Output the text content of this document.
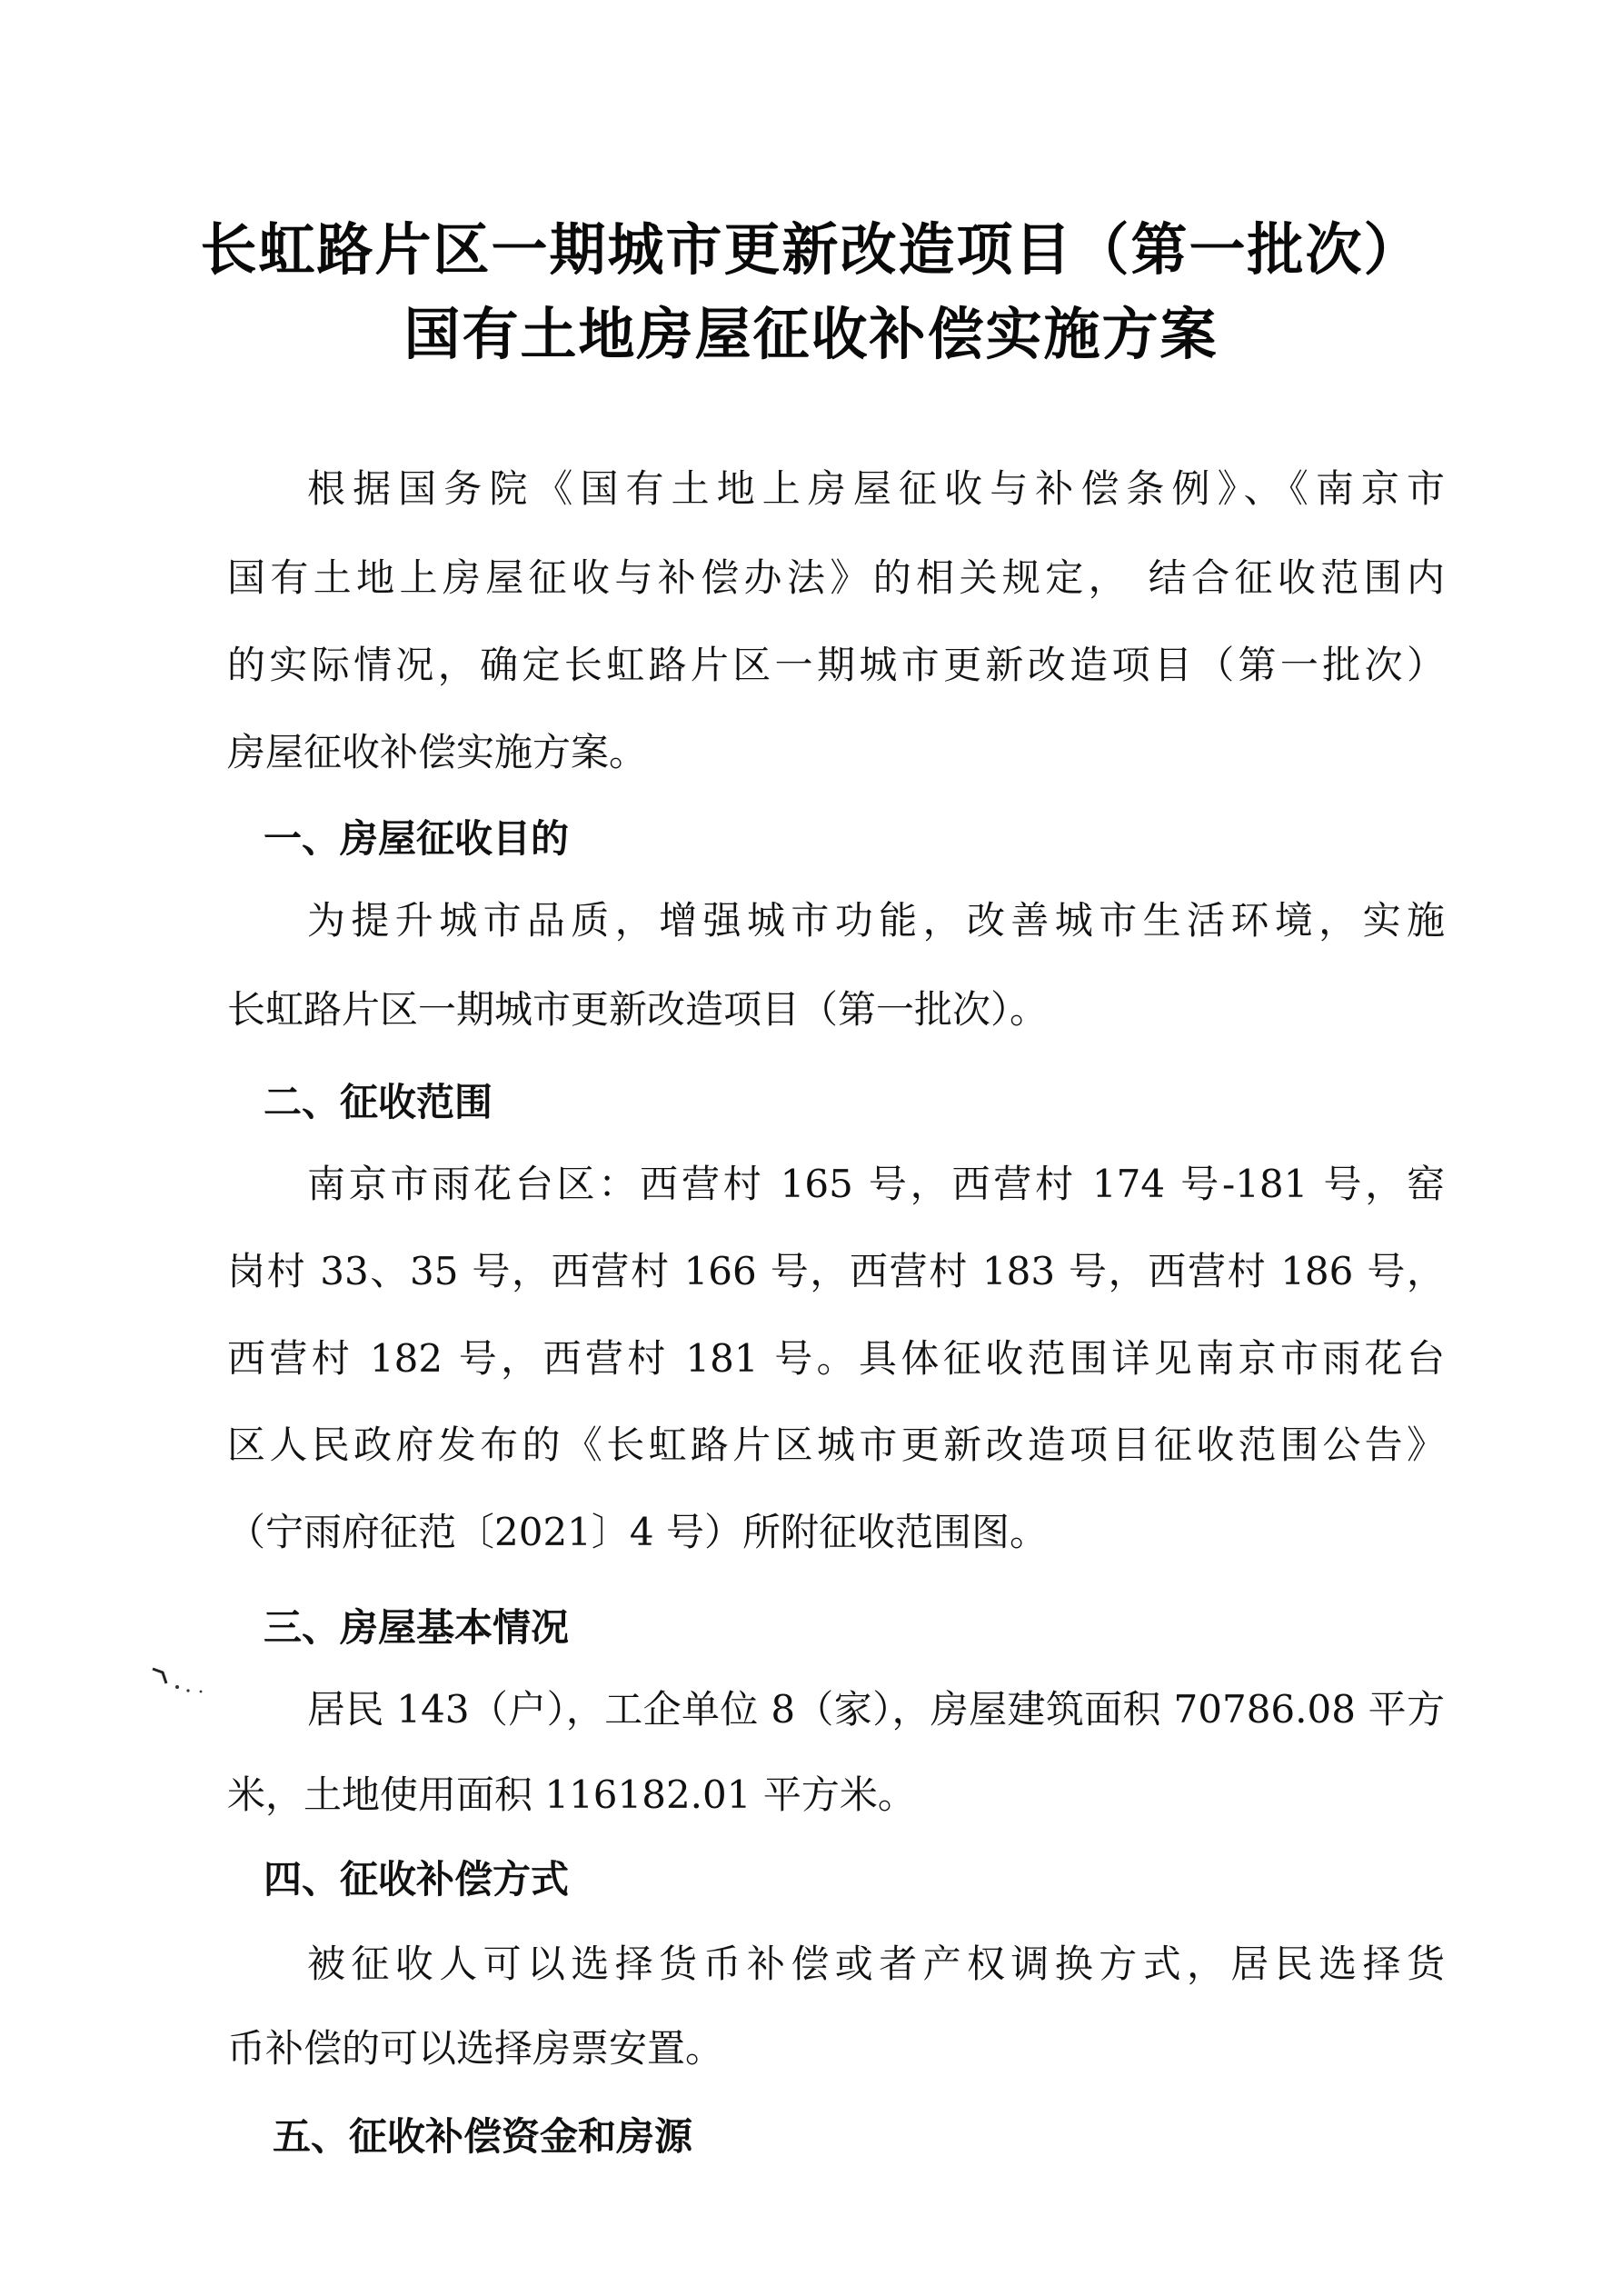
长虹路片区一期城市更新改造项目（第一批次）
国有土地房屋征收补偿实施方案
根据国务院《国有土地上房屋征收与补偿条例》、《南京市
国有土地上房屋征收与补偿办法》的相关规定， 结合征收范围内
的实际情况，确定长虹路片区一期城市更新改造项目（第一批次）
房屋征收补偿实施方案。
一、房屋征收目的
为提升城市品质，增强城市功能，改善城市生活环境，实施
长虹路片区一期城市更新改造项目（第一批次）。
二、征收范围
南京市雨花台区：西营村 165 号，西营村 174 号-181 号，窑
岗村 33、35 号，西营村 166 号，西营村 183 号，西营村 186 号，
西营村 182 号，西营村 181 号。具体征收范围详见南京市雨花台
区人民政府发布的《长虹路片区城市更新改造项目征收范围公告》
（宁雨府征范〔2021〕4 号）所附征收范围图。
三、房屋基本情况
居民 143（户），工企单位 8（家），房屋建筑面积 70786.08 平方
米，土地使用面积 116182.01 平方米。
四、征收补偿方式
被征收人可以选择货币补偿或者产权调换方式，居民选择货
币补偿的可以选择房票安置。
五、征收补偿资金和房源
